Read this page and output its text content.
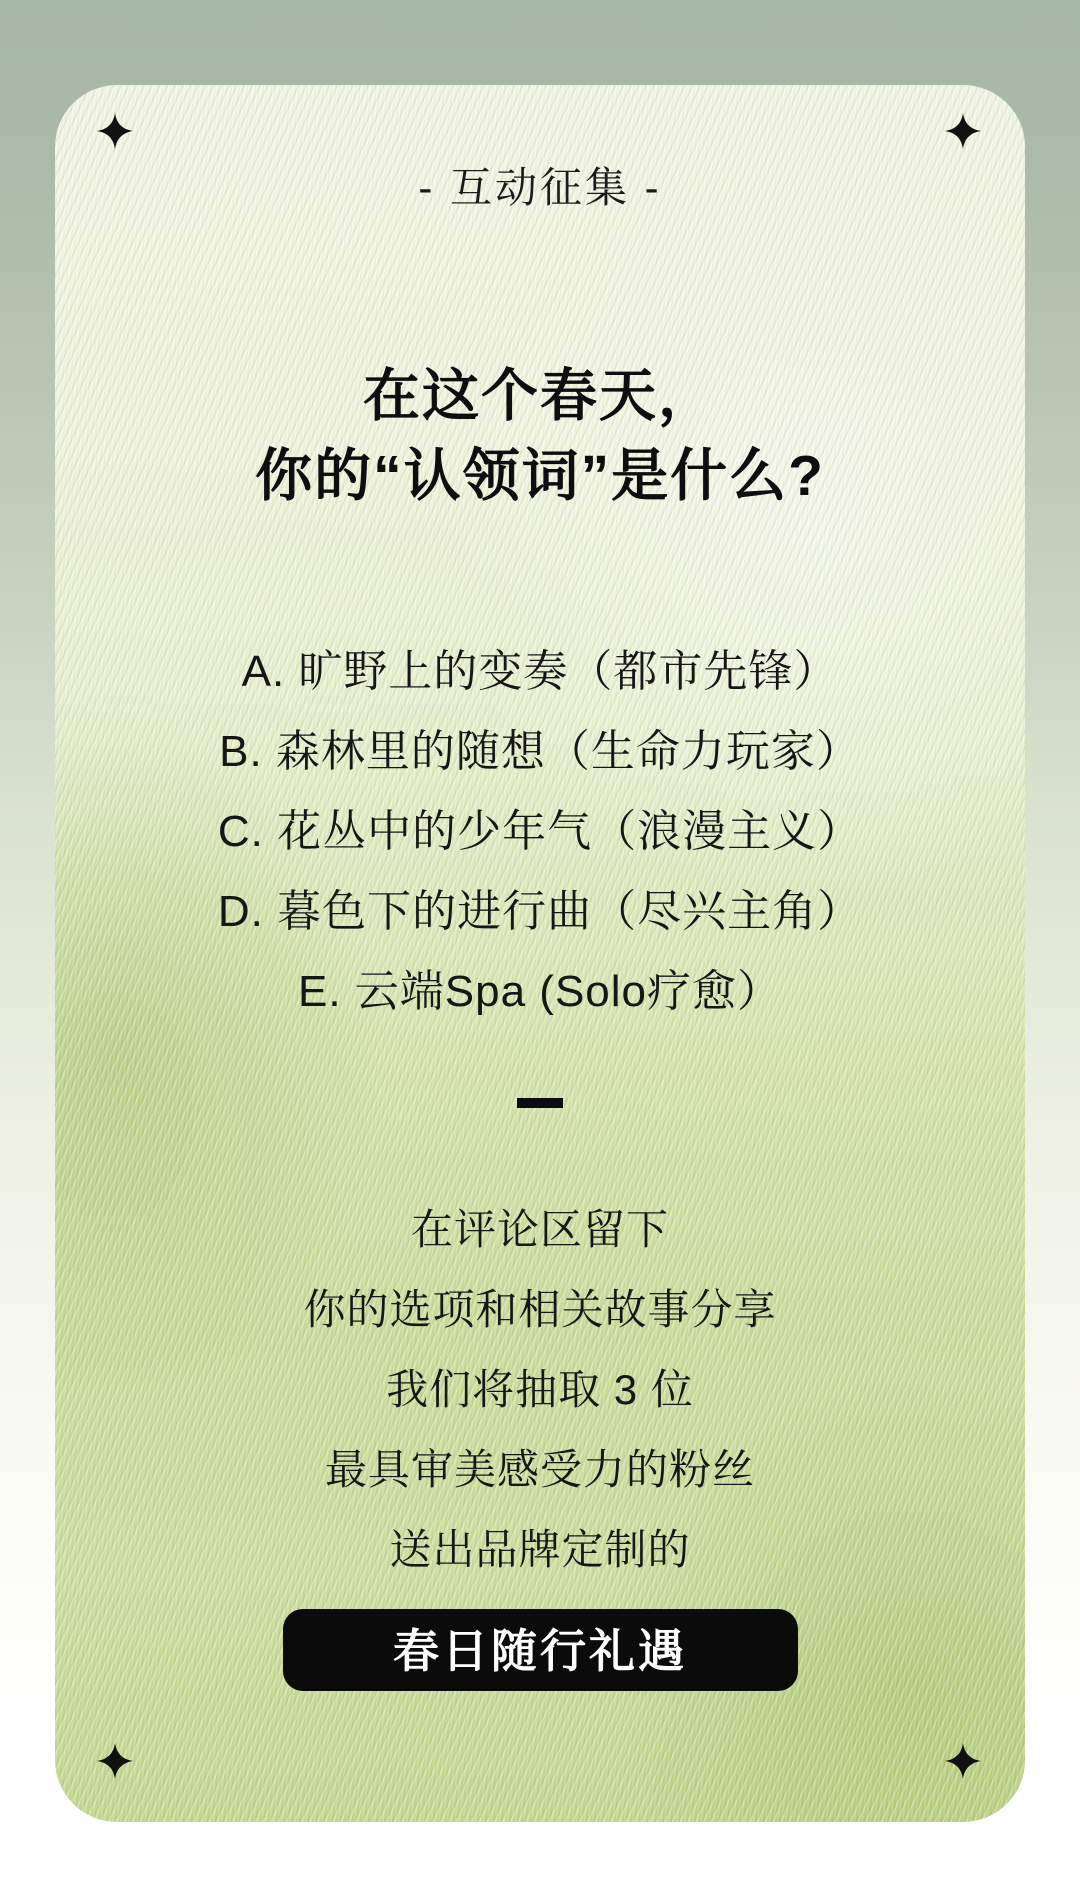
- 互动征集 -
在这个春天，
你的“认领词”是什么?
A. 旷野上的变奏（都市先锋）
B. 森林里的随想（生命力玩家）
C. 花丛中的少年气（浪漫主义）
D. 暮色下的进行曲（尽兴主角）
E. 云端Spa (Solo疗愈）

在评论区留下

你的选项和相关故事分享

我们将抽取 3 位

最具审美感受力的粉丝

送出品牌定制的

春日随行礼遇
